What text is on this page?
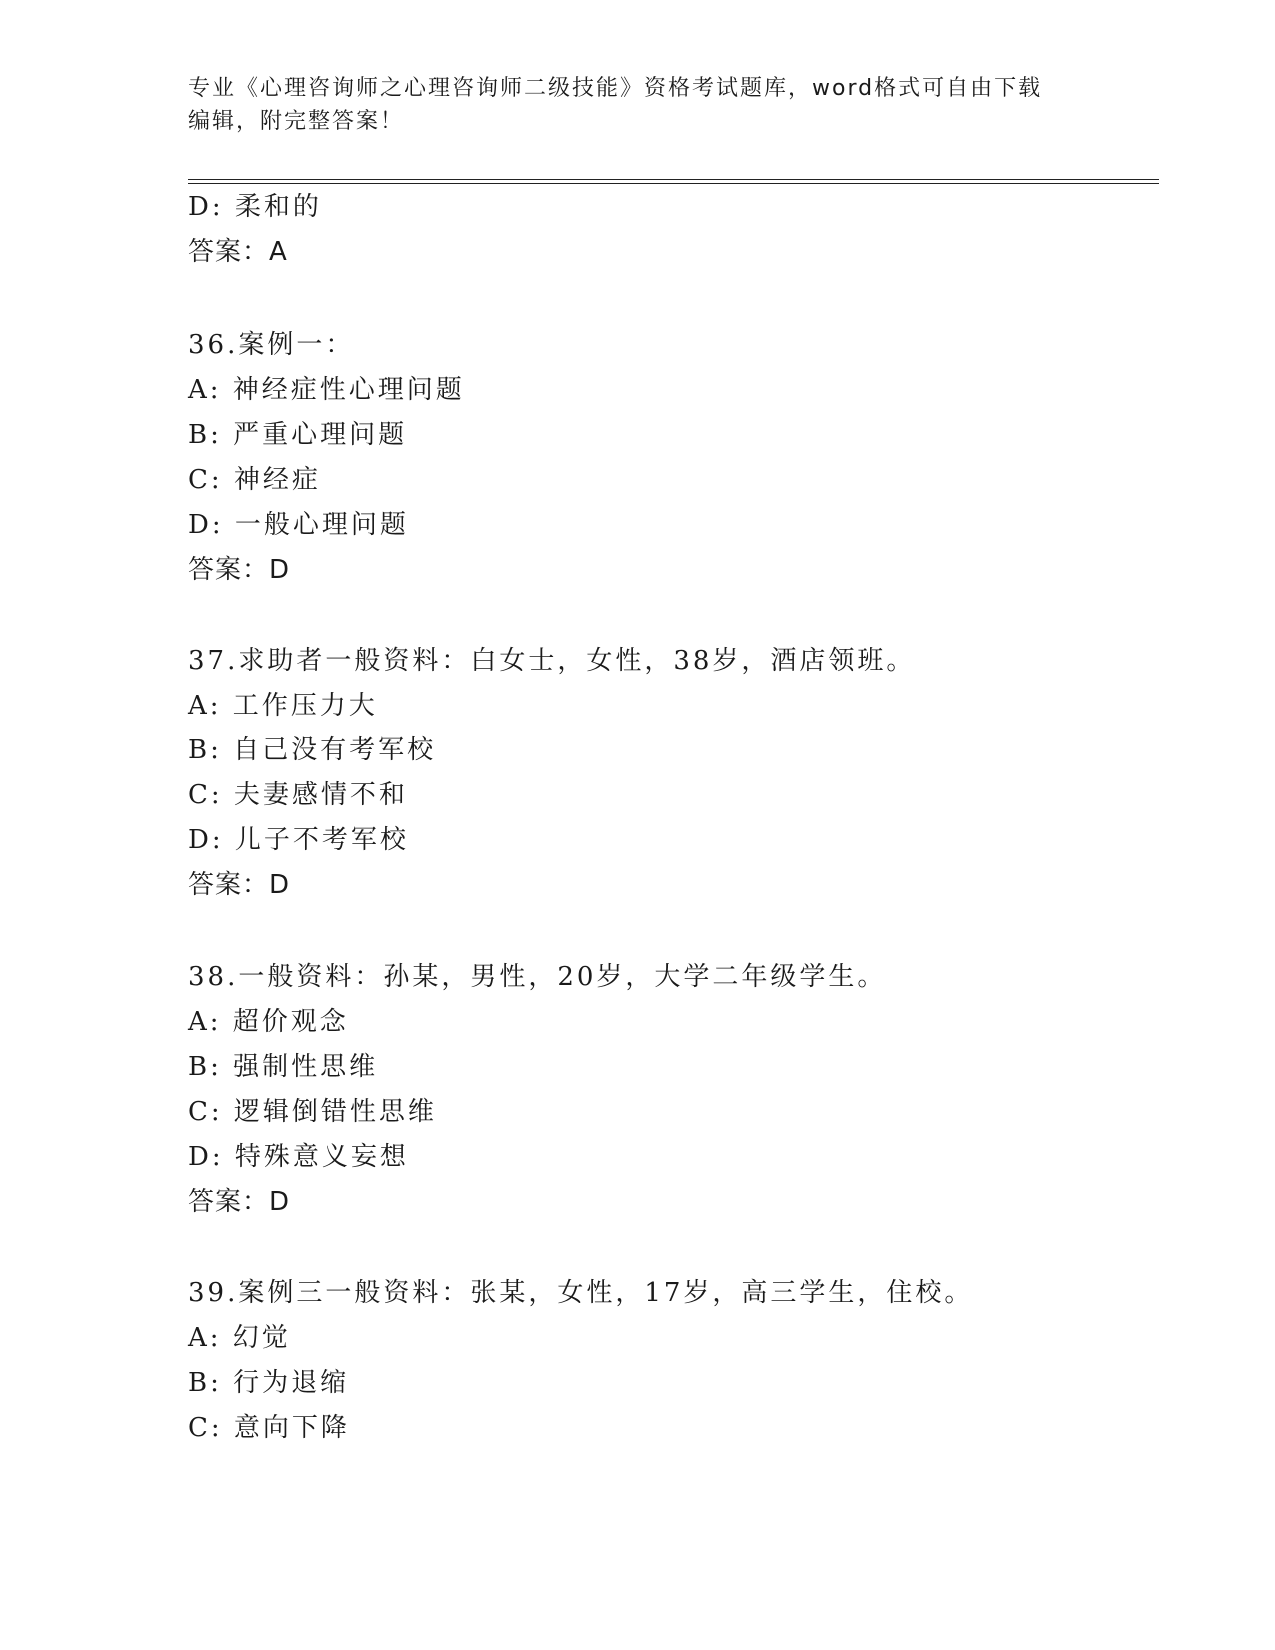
专业《心理咨询师之心理咨询师二级技能》资格考试题库，word格式可自由下载
编辑，附完整答案！
D: 柔和的
答案：A
36.案例一：
A: 神经症性心理问题
B: 严重心理问题
C: 神经症
D: 一般心理问题
答案：D
37.求助者一般资料：白女士，女性，38岁，酒店领班。
A: 工作压力大
B: 自己没有考军校
C: 夫妻感情不和
D: 儿子不考军校
答案：D
38.一般资料：孙某，男性，20岁，大学二年级学生。
A: 超价观念
B: 强制性思维
C: 逻辑倒错性思维
D: 特殊意义妄想
答案：D
39.案例三一般资料：张某，女性，17岁，高三学生，住校。
A: 幻觉
B: 行为退缩
C: 意向下降
